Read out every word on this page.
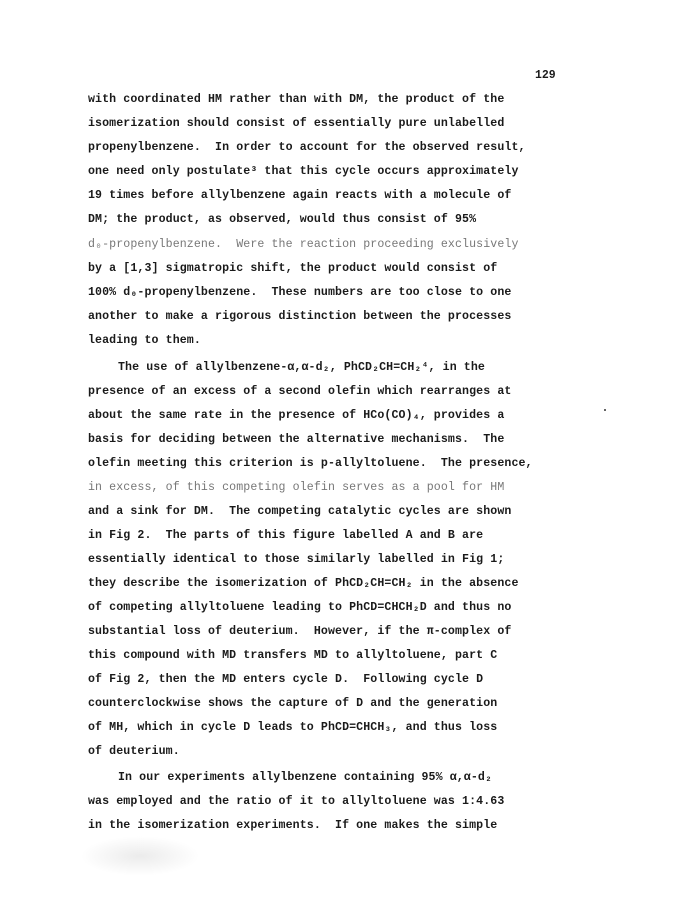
129
with coordinated HM rather than with DM, the product of the
isomerization should consist of essentially pure unlabelled
propenylbenzene.  In order to account for the observed result,
one need only postulate³ that this cycle occurs approximately
19 times before allylbenzene again reacts with a molecule of
DM; the product, as observed, would thus consist of 95%
d₀-propenylbenzene.  Were the reaction proceeding exclusively
by a [1,3] sigmatropic shift, the product would consist of
100% d₀-propenylbenzene.  These numbers are too close to one
another to make a rigorous distinction between the processes
leading to them.
The use of allylbenzene-α,α-d₂, PhCD₂CH=CH₂⁴, in the
presence of an excess of a second olefin which rearranges at
about the same rate in the presence of HCo(CO)₄, provides a
basis for deciding between the alternative mechanisms.  The
olefin meeting this criterion is p-allyltoluene.  The presence,
in excess, of this competing olefin serves as a pool for HM
and a sink for DM.  The competing catalytic cycles are shown
in Fig 2.  The parts of this figure labelled A and B are
essentially identical to those similarly labelled in Fig 1;
they describe the isomerization of PhCD₂CH=CH₂ in the absence
of competing allyltoluene leading to PhCD=CHCH₂D and thus no
substantial loss of deuterium.  However, if the π-complex of
this compound with MD transfers MD to allyltoluene, part C
of Fig 2, then the MD enters cycle D.  Following cycle D
counterclockwise shows the capture of D and the generation
of MH, which in cycle D leads to PhCD=CHCH₃, and thus loss
of deuterium.
In our experiments allylbenzene containing 95% α,α-d₂
was employed and the ratio of it to allyltoluene was 1:4.63
in the isomerization experiments.  If one makes the simple
